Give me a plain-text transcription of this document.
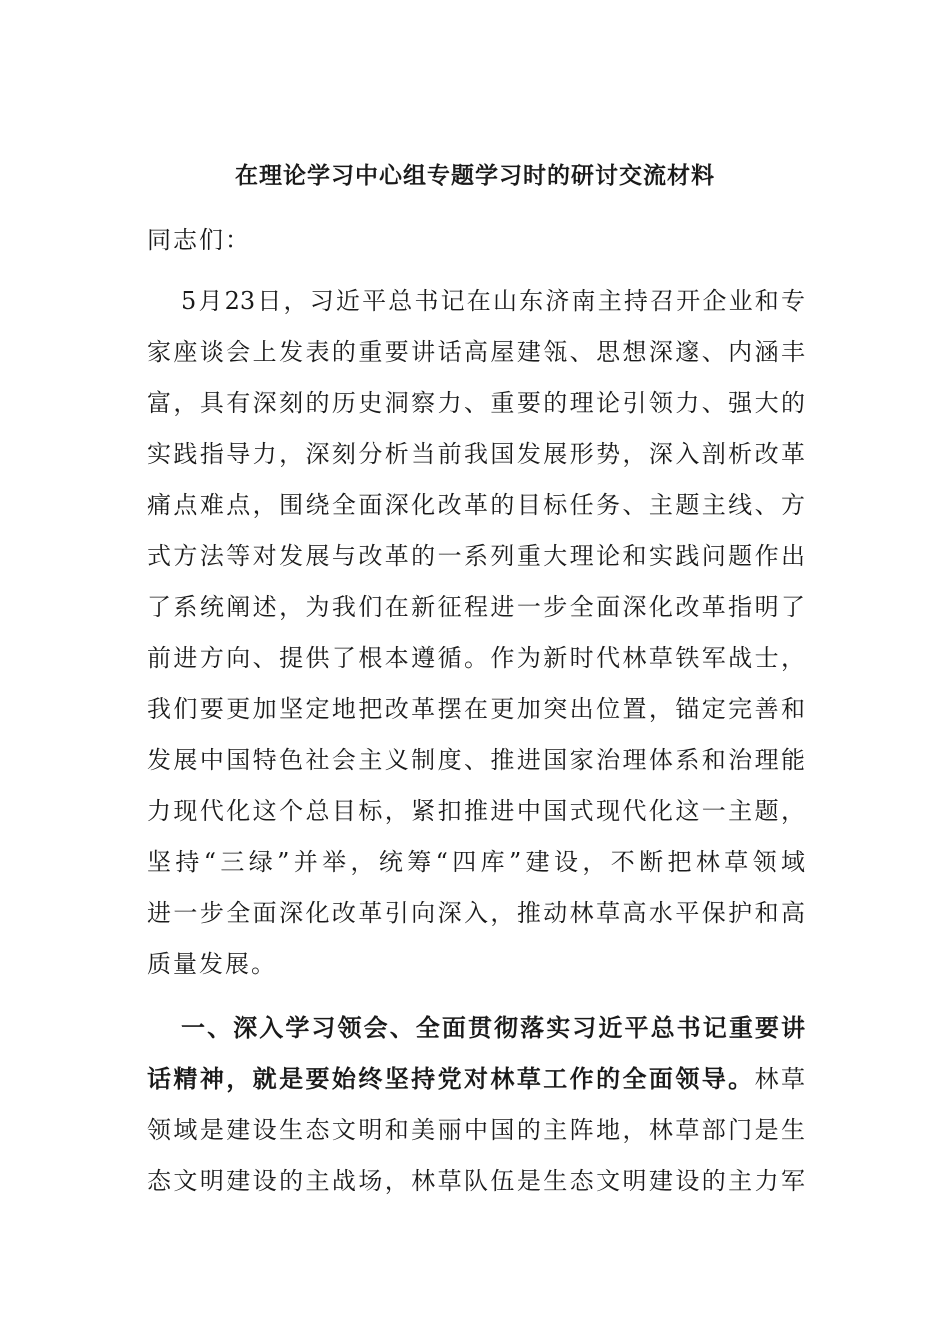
在理论学习中心组专题学习时的研讨交流材料
同志们：
5月23日，习近平总书记在山东济南主持召开企业和专
家座谈会上发表的重要讲话高屋建瓴、思想深邃、内涵丰
富，具有深刻的历史洞察力、重要的理论引领力、强大的
实践指导力，深刻分析当前我国发展形势，深入剖析改革
痛点难点，围绕全面深化改革的目标任务、主题主线、方
式方法等对发展与改革的一系列重大理论和实践问题作出
了系统阐述，为我们在新征程进一步全面深化改革指明了
前进方向、提供了根本遵循。作为新时代林草铁军战士，
我们要更加坚定地把改革摆在更加突出位置，锚定完善和
发展中国特色社会主义制度、推进国家治理体系和治理能
力现代化这个总目标，紧扣推进中国式现代化这一主题，
坚持“三绿”并举，统筹“四库”建设，不断把林草领域
进一步全面深化改革引向深入，推动林草高水平保护和高
质量发展。
一、深入学习领会、全面贯彻落实习近平总书记重要讲
话精神，就是要始终坚持党对林草工作的全面领导。林草
领域是建设生态文明和美丽中国的主阵地，林草部门是生
态文明建设的主战场，林草队伍是生态文明建设的主力军
